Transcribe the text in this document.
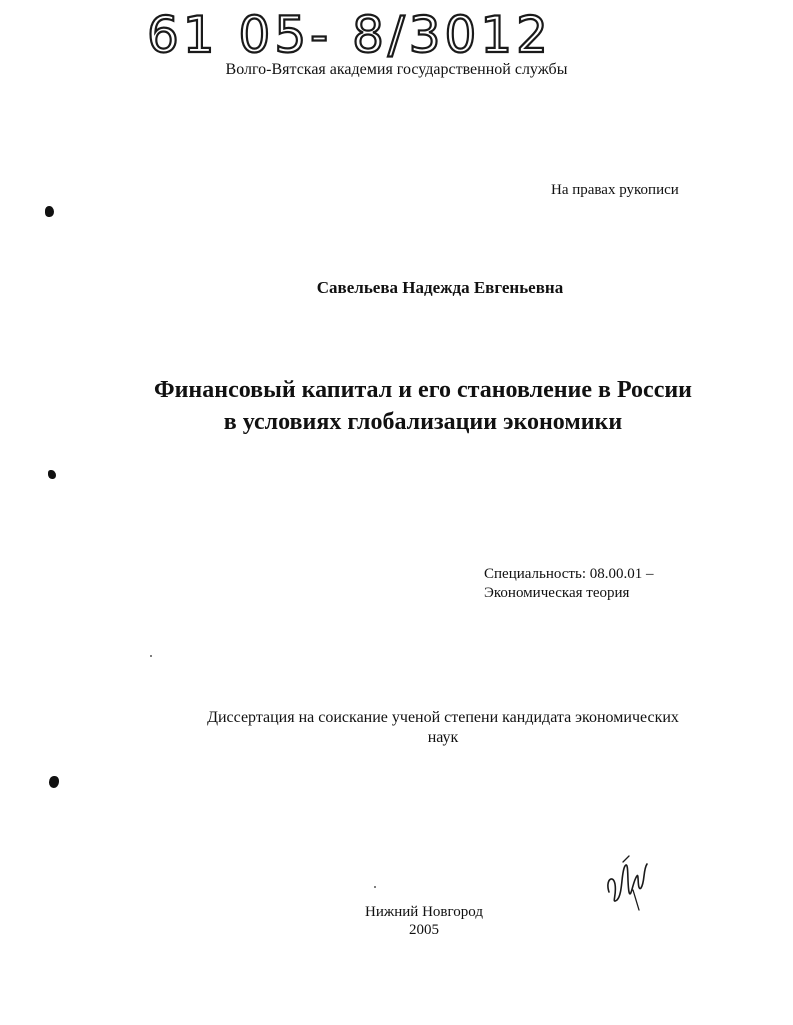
61 05- 8/3012
Волго-Вятская академия государственной службы
На правах рукописи
Савельева Надежда Евгеньевна
Финансовый капитал и его становление в России
в условиях глобализации экономики
Специальность: 08.00.01 –
Экономическая теория
Диссертация на соискание ученой степени кандидата экономических
наук
Нижний Новгород
2005
